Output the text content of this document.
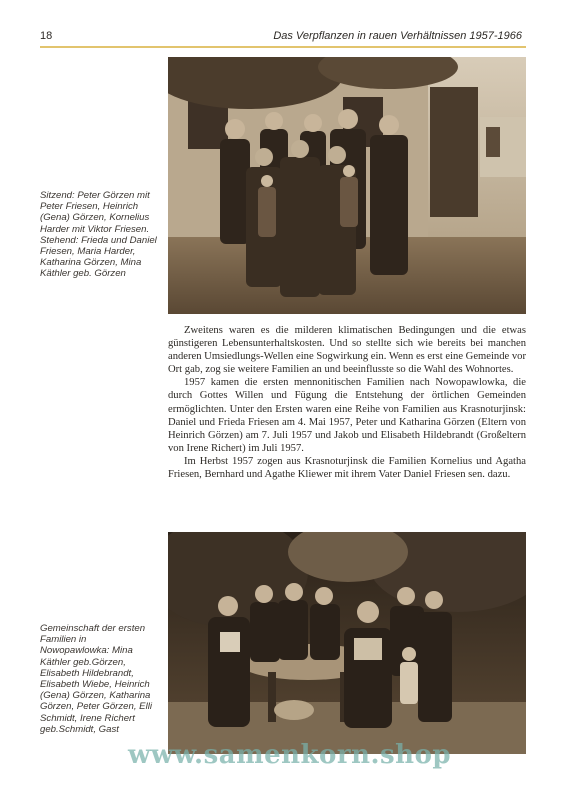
18	Das Verpflanzen in rauen Verhältnissen 1957-1966

Sitzend: Peter Görzen mit Peter Friesen, Heinrich (Gena) Görzen, Kornelius Harder mit Viktor Friesen. Stehend: Frieda und Daniel Friesen, Maria Harder, Katharina Görzen, Mina Käthler geb. Görzen

Zweitens waren es die milderen klimatischen Bedingungen und die etwas günstigeren Lebensunterhaltskosten. Und so stellte sich wie bereits bei manchen anderen Umsiedlungs-Wellen eine Sogwirkung ein. Wenn es erst eine Gemeinde vor Ort gab, zog sie weitere Familien an und beeinflusste so die Wahl des Wohnortes.

1957 kamen die ersten mennonitischen Familien nach Nowopawlowka, die durch Gottes Willen und Fügung die Entstehung der örtlichen Gemeinden ermöglichten. Unter den Ersten waren eine Reihe von Familien aus Krasnoturjinsk: Daniel und Frieda Friesen am 4. Mai 1957, Peter und Katharina Görzen (Eltern von Heinrich Görzen) am 7. Juli 1957 und Jakob und Elisabeth Hildebrandt (Großeltern von Irene Richert) im Juli 1957.

Im Herbst 1957 zogen aus Krasnoturjinsk die Familien Kornelius und Agatha Friesen, Bernhard und Agathe Kliewer mit ihrem Vater Daniel Friesen sen. dazu.

Gemeinschaft der ersten Familien in Nowopawlowka: Mina Käthler geb.Görzen, Elisabeth Hildebrandt, Elisabeth Wiebe, Heinrich (Gena) Görzen, Katharina Görzen, Peter Görzen, Elli Schmidt, Irene Richert geb.Schmidt, Gast

www.samenkorn.shop
